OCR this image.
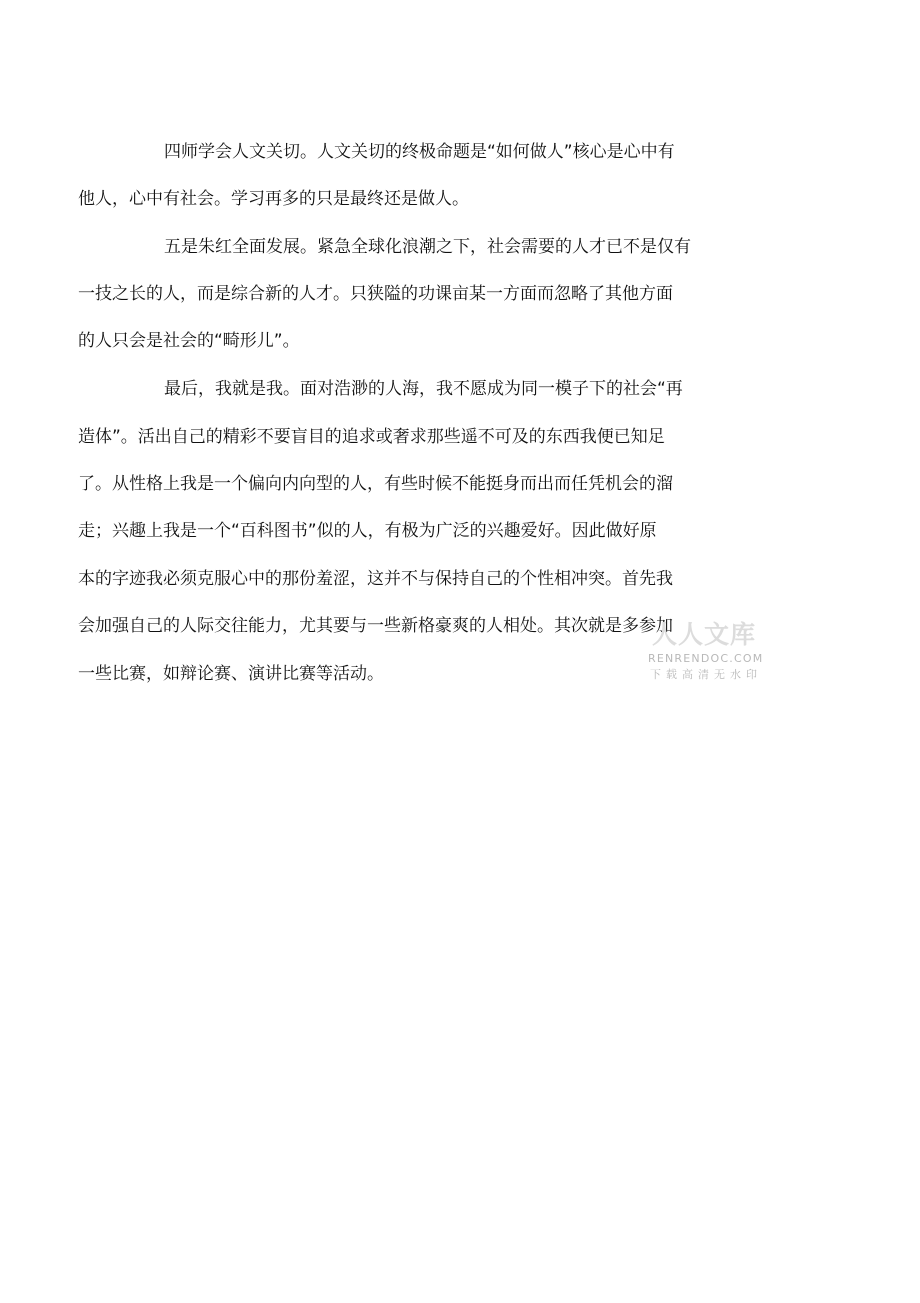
四师学会人文关切。人文关切的终极命题是“如何做人”核心是心中有
他人，心中有社会。学习再多的只是最终还是做人。
五是朱红全面发展。紧急全球化浪潮之下，社会需要的人才已不是仅有
一技之长的人，而是综合新的人才。只狭隘的功课亩某一方面而忽略了其他方面
的人只会是社会的“畸形儿”。
最后，我就是我。面对浩渺的人海，我不愿成为同一模子下的社会“再
造体”。活出自己的精彩不要盲目的追求或奢求那些遥不可及的东西我便已知足
了。从性格上我是一个偏向内向型的人，有些时候不能挺身而出而任凭机会的溜
走；兴趣上我是一个“百科图书”似的人，有极为广泛的兴趣爱好。因此做好原
本的字迹我必须克服心中的那份羞涩，这并不与保持自己的个性相冲突。首先我
会加强自己的人际交往能力，尤其要与一些新格豪爽的人相处。其次就是多参加
一些比赛，如辩论赛、演讲比赛等活动。
人人文库
RENRENDOC.COM
下载高清无水印
